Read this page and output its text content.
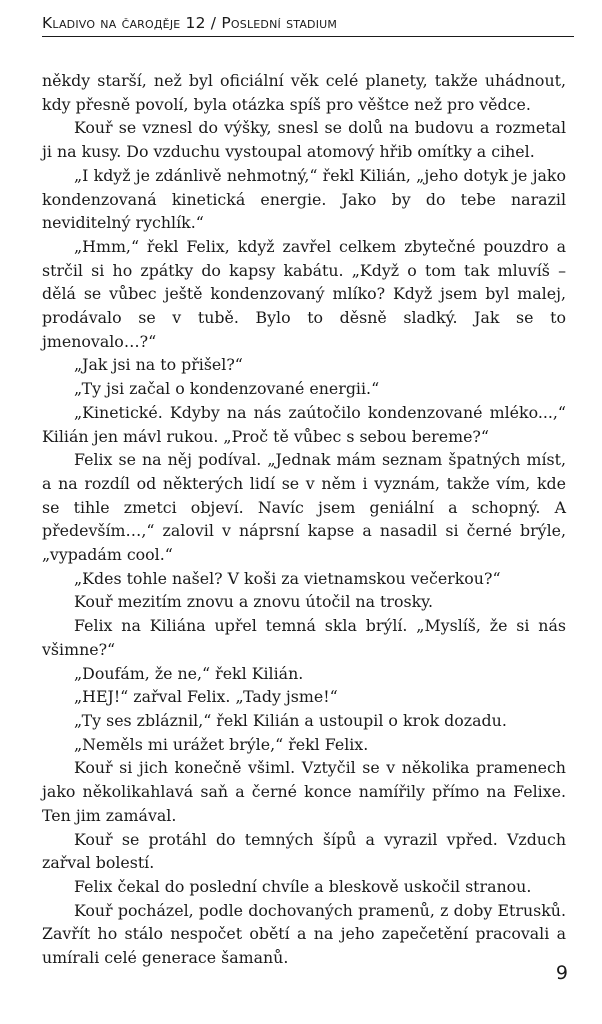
Kladivo na čaroдěje 12 / Poslední stadium

někdy starší, než byl oficiální věk celé planety, takže uhádnout, kdy přesně povolí, byla otázka spíš pro věštce než pro vědce.

Kouř se vznesl do výšky, snesl se dolů na budovu a rozmetal ji na kusy. Do vzduchu vystoupal atomový hřib omítky a cihel.

„I když je zdánlivě nehmotný,“ řekl Kilián, „jeho dotyk je jako kondenzovaná kinetická energie. Jako by do tebe narazil neviditelný rychlík.“

„Hmm,“ řekl Felix, když zavřel celkem zbytečné pouzdro a strčil si ho zpátky do kapsy kabátu. „Když o tom tak mluvíš – dělá se vůbec ještě kondenzovaný mlíko? Když jsem byl malej, prodávalo se v tubě. Bylo to děsně sladký. Jak se to jmenovalo…?“

„Jak jsi na to přišel?“

„Ty jsi začal o kondenzované energii.“

„Kinetické. Kdyby na nás zaútočilo kondenzované mléko...,“ Kilián jen mávl rukou. „Proč tě vůbec s sebou bereme?“

Felix se na něj podíval. „Jednak mám seznam špatných míst, a na rozdíl od některých lidí se v něm i vyznám, takže vím, kde se tihle zmetci objeví. Navíc jsem geniální a schopný. A především…,“ zalovil v náprsní kapse a nasadil si černé brýle, „vypadám cool.“

„Kdes tohle našel? V koši za vietnamskou večerkou?“

Kouř mezitím znovu a znovu útočil na trosky.

Felix na Kiliána upřel temná skla brýlí. „Myslíš, že si nás všimne?“

„Doufám, že ne,“ řekl Kilián.

„HEJ!“ zařval Felix. „Tady jsme!“

„Ty ses zbláznil,“ řekl Kilián a ustoupil o krok dozadu.

„Neměls mi urážet brýle,“ řekl Felix.

Kouř si jich konečně všiml. Vztyčil se v několika pramenech jako několikahlavá saň a černé konce namířily přímo na Felixe. Ten jim zamával.

Kouř se protáhl do temných šípů a vyrazil vpřed. Vzduch zařval bolestí.

Felix čekal do poslední chvíle a bleskově uskočil stranou.

Kouř pocházel, podle dochovaných pramenů, z doby Etrusků. Zavřít ho stálo nespočet obětí a na jeho zapečetění pracovali a umírali celé generace šamanů.

9
